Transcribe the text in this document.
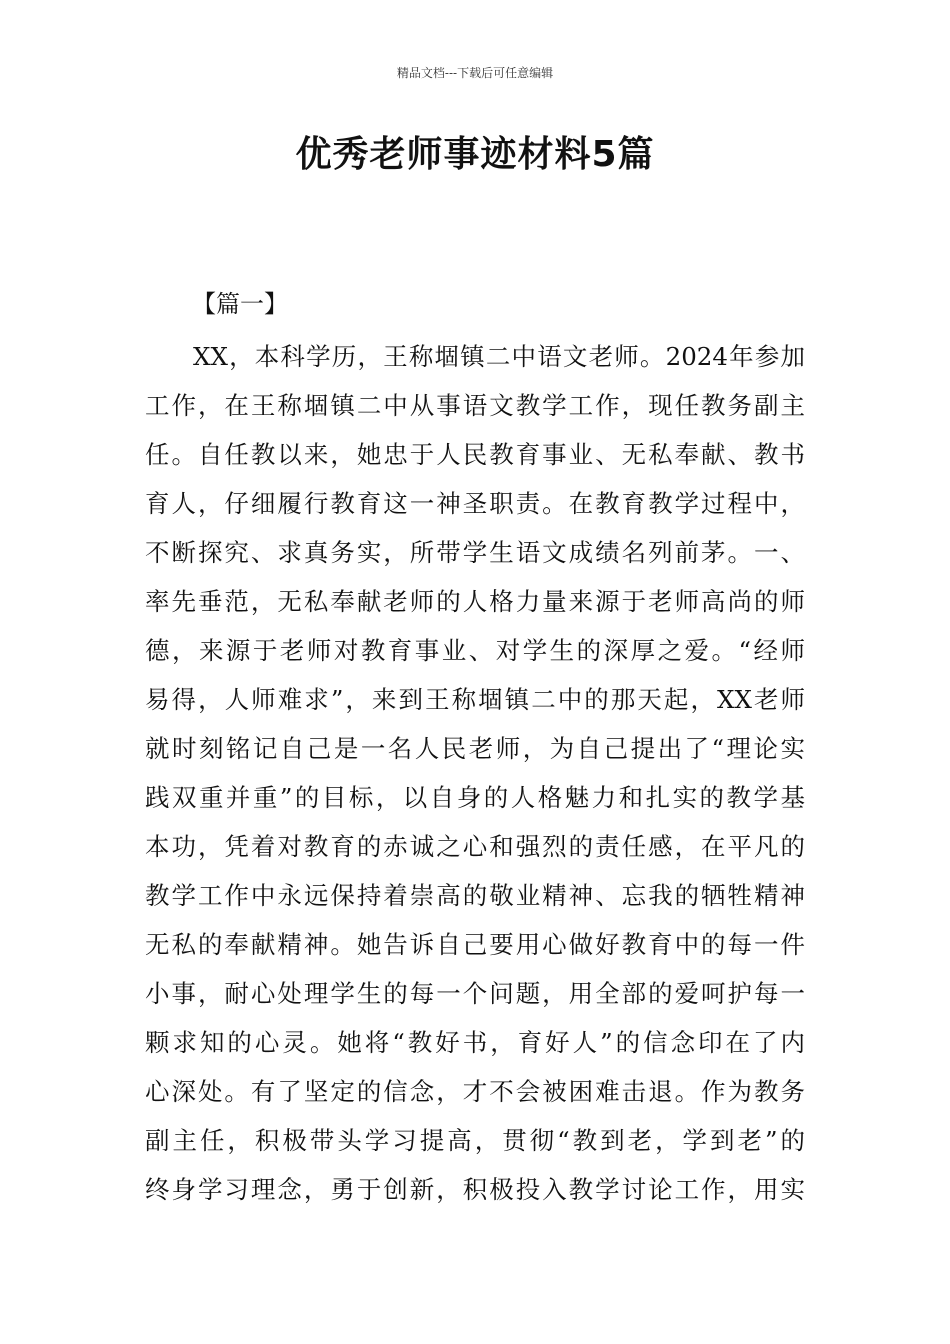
精品文档---下载后可任意编辑
优秀老师事迹材料5篇
【篇一】
XX，本科学历，王称堌镇二中语文老师。2024年参加
工作，在王称堌镇二中从事语文教学工作，现任教务副主
任。自任教以来，她忠于人民教育事业、无私奉献、教书
育人，仔细履行教育这一神圣职责。在教育教学过程中，
不断探究、求真务实，所带学生语文成绩名列前茅。一、
率先垂范，无私奉献老师的人格力量来源于老师高尚的师
德，来源于老师对教育事业、对学生的深厚之爱。“经师
易得，人师难求”，来到王称堌镇二中的那天起，XX老师
就时刻铭记自己是一名人民老师，为自己提出了“理论实
践双重并重”的目标，以自身的人格魅力和扎实的教学基
本功，凭着对教育的赤诚之心和强烈的责任感，在平凡的
教学工作中永远保持着崇高的敬业精神、忘我的牺牲精神
无私的奉献精神。她告诉自己要用心做好教育中的每一件
小事，耐心处理学生的每一个问题，用全部的爱呵护每一
颗求知的心灵。她将“教好书，育好人”的信念印在了内
心深处。有了坚定的信念，才不会被困难击退。作为教务
副主任，积极带头学习提高，贯彻“教到老，学到老”的
终身学习理念，勇于创新，积极投入教学讨论工作，用实
